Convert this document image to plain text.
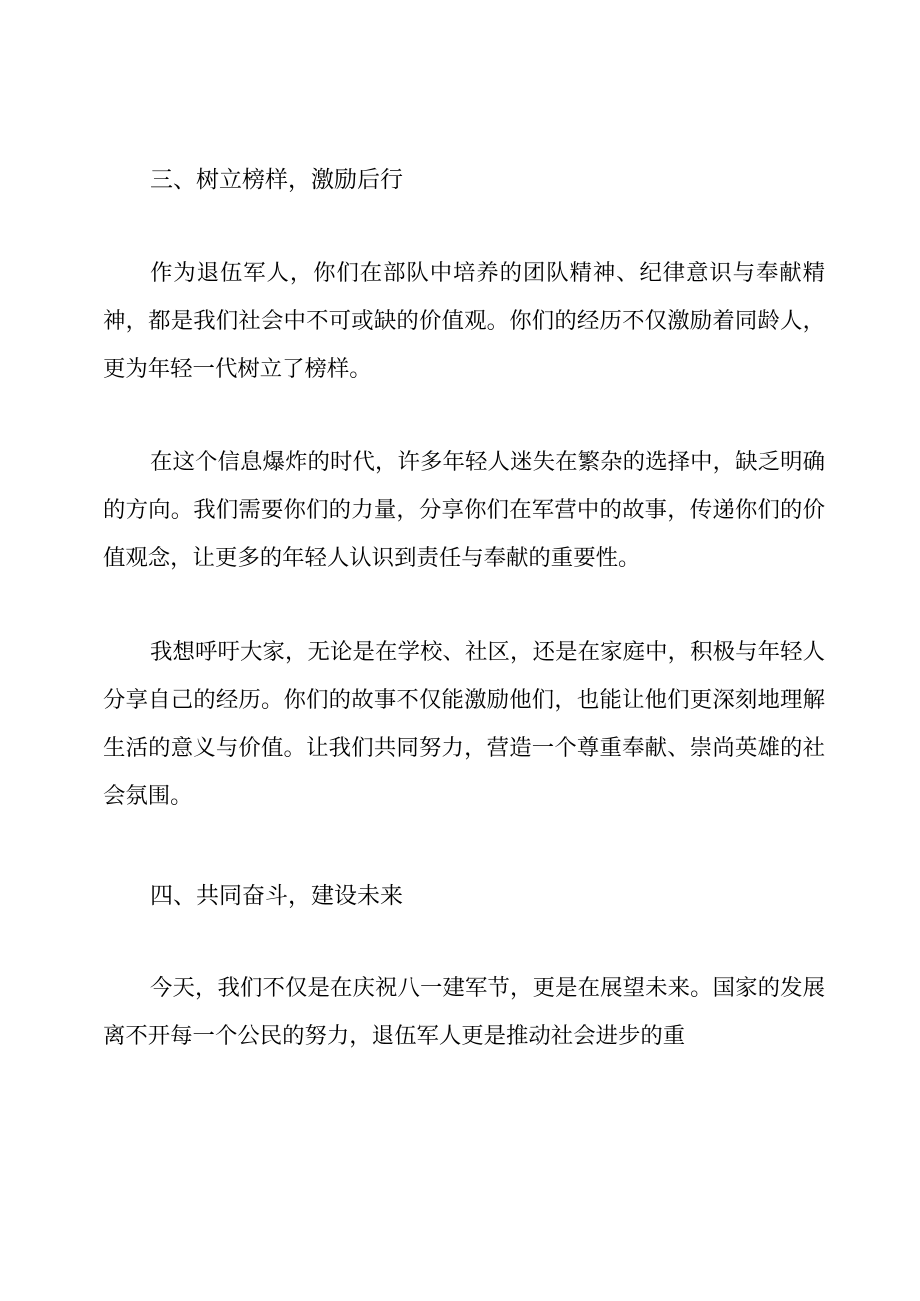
三、树立榜样，激励后行

作为退伍军人，你们在部队中培养的团队精神、纪律意识与奉献精神，都是我们社会中不可或缺的价值观。你们的经历不仅激励着同龄人，更为年轻一代树立了榜样。

在这个信息爆炸的时代，许多年轻人迷失在繁杂的选择中，缺乏明确的方向。我们需要你们的力量，分享你们在军营中的故事，传递你们的价值观念，让更多的年轻人认识到责任与奉献的重要性。

我想呼吁大家，无论是在学校、社区，还是在家庭中，积极与年轻人分享自己的经历。你们的故事不仅能激励他们，也能让他们更深刻地理解生活的意义与价值。让我们共同努力，营造一个尊重奉献、崇尚英雄的社会氛围。

四、共同奋斗，建设未来

今天，我们不仅是在庆祝八一建军节，更是在展望未来。国家的发展离不开每一个公民的努力，退伍军人更是推动社会进步的重
